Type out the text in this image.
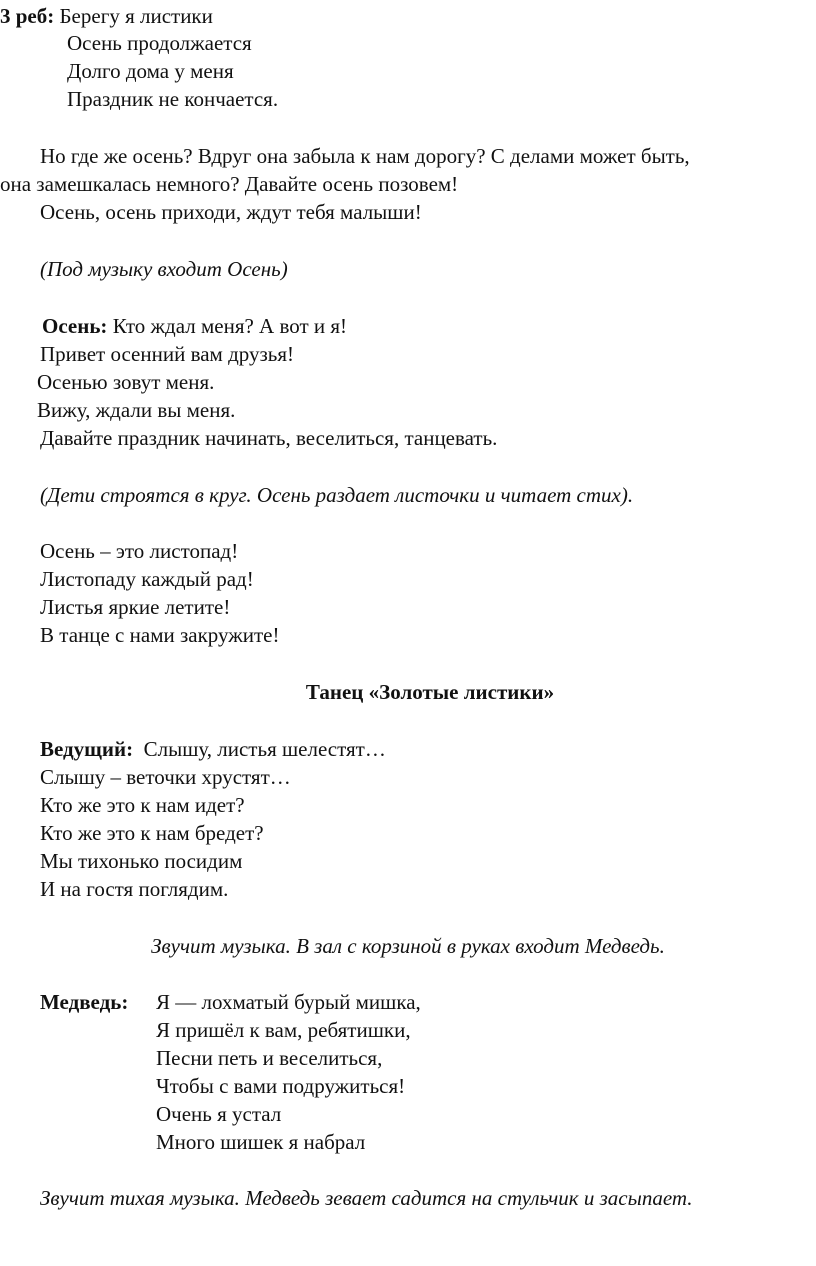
3 реб: Берегу я листики

Осень продолжается

Долго дома у меня

Праздник не кончается.

Но где же осень? Вдруг она забыла к нам дорогу? С делами может быть,

она замешкалась немного? Давайте осень позовем!

Осень, осень приходи, ждут тебя малыши!

(Под музыку входит Осень)

Осень: Кто ждал меня? А вот и я!

Привет осенний вам друзья!

Осенью зовут меня.

Вижу, ждали вы меня.

Давайте праздник начинать, веселиться, танцевать.

(Дети строятся в круг. Осень раздает листочки и читает стих).

Осень – это листопад!

Листопаду каждый рад!

Листья яркие летите!

В танце с нами закружите!

Танец «Золотые листики»

Ведущий: Слышу, листья шелестят…

Слышу – веточки хрустят…

Кто же это к нам идет?

Кто же это к нам бредет?

Мы тихонько посидим

И на гостя поглядим.

Звучит музыка. В зал с корзиной в руках входит Медведь.

Медведь: Я — лохматый бурый мишка,

Я пришёл к вам, ребятишки,

Песни петь и веселиться,

Чтобы с вами подружиться!

Очень я устал

Много шишек я набрал

Звучит тихая музыка. Медведь зевает садится на стульчик и засыпает.
